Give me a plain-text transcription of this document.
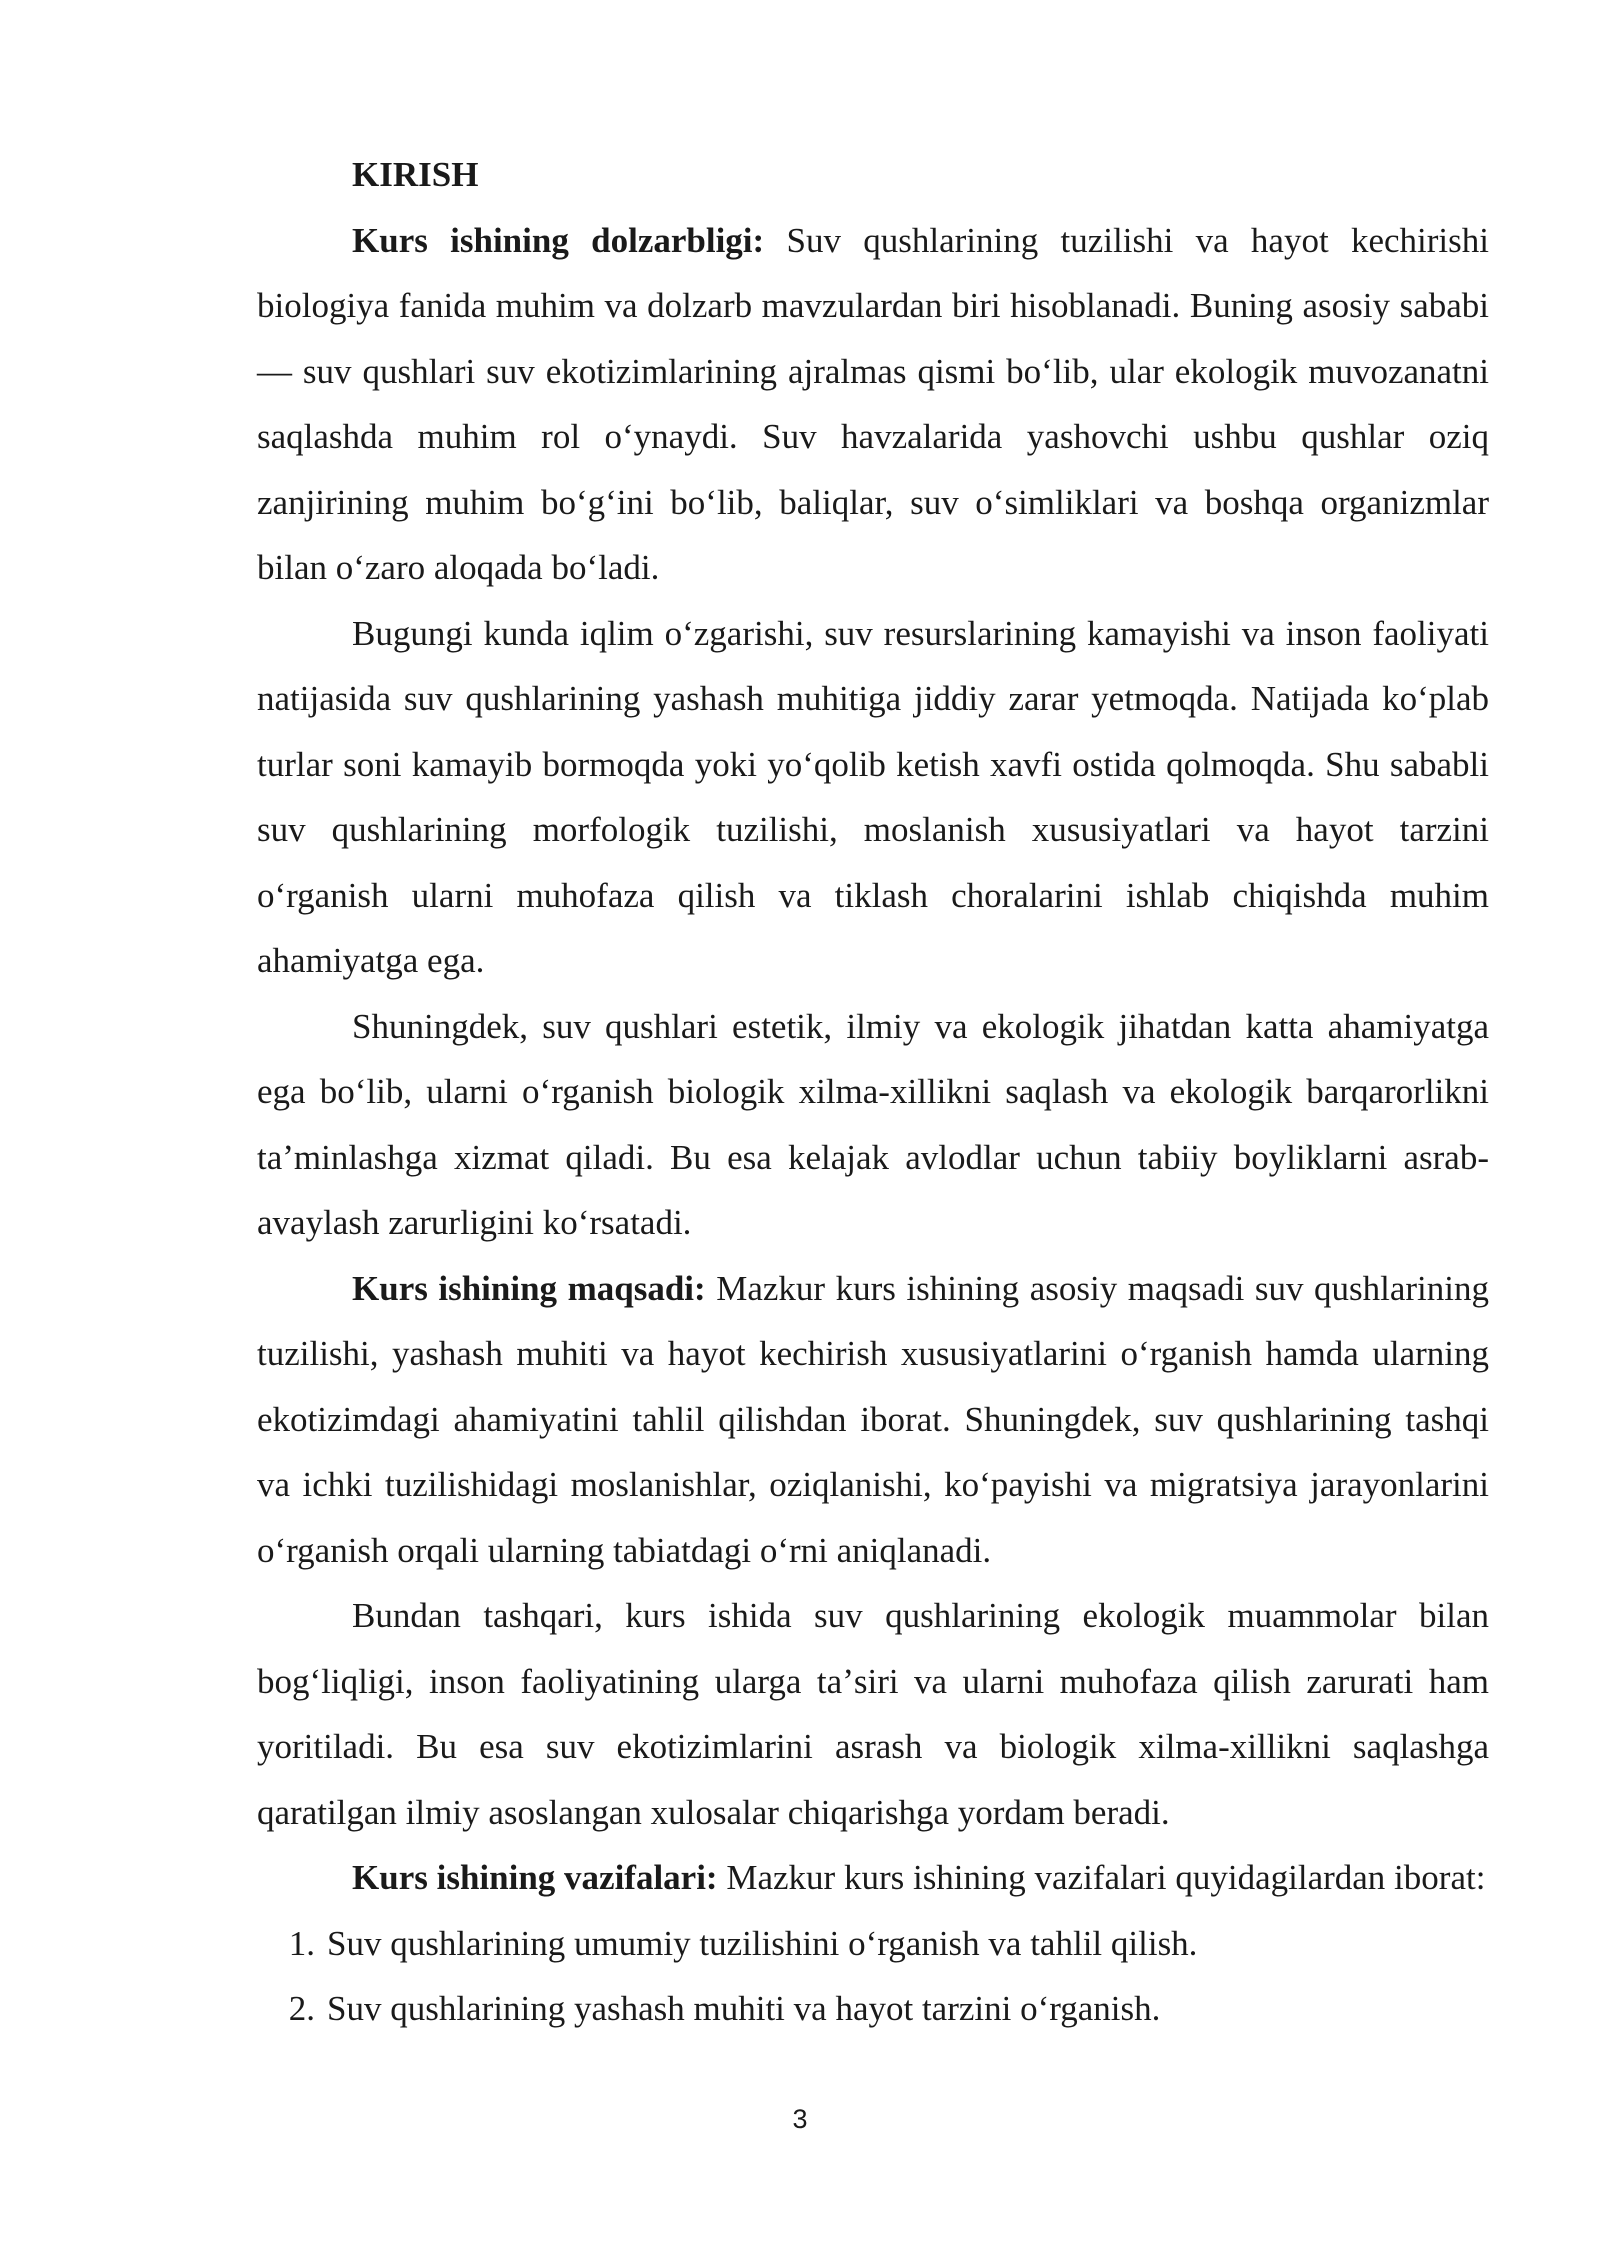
KIRISH

Kurs ishining dolzarbligi: Suv qushlarining tuzilishi va hayot kechirishi biologiya fanida muhim va dolzarb mavzulardan biri hisoblanadi. Buning asosiy sababi — suv qushlari suv ekotizimlarining ajralmas qismi boʻlib, ular ekologik muvozanatni saqlashda muhim rol oʻynaydi. Suv havzalarida yashovchi ushbu qushlar oziq zanjirining muhim boʻgʻini boʻlib, baliqlar, suv oʻsimliklari va boshqa organizmlar bilan oʻzaro aloqada boʻladi.

Bugungi kunda iqlim oʻzgarishi, suv resurslarining kamayishi va inson faoliyati natijasida suv qushlarining yashash muhitiga jiddiy zarar yetmoqda. Natijada koʻplab turlar soni kamayib bormoqda yoki yoʻqolib ketish xavfi ostida qolmoqda. Shu sababli suv qushlarining morfologik tuzilishi, moslanish xususiyatlari va hayot tarzini oʻrganish ularni muhofaza qilish va tiklash choralarini ishlab chiqishda muhim ahamiyatga ega.

Shuningdek, suv qushlari estetik, ilmiy va ekologik jihatdan katta ahamiyatga ega boʻlib, ularni oʻrganish biologik xilma-xillikni saqlash va ekologik barqarorlikni taʼminlashga xizmat qiladi. Bu esa kelajak avlodlar uchun tabiiy boyliklarni asrab-avaylash zarurligini koʻrsatadi.

Kurs ishining maqsadi: Mazkur kurs ishining asosiy maqsadi suv qushlarining tuzilishi, yashash muhiti va hayot kechirish xususiyatlarini oʻrganish hamda ularning ekotizimdagi ahamiyatini tahlil qilishdan iborat. Shuningdek, suv qushlarining tashqi va ichki tuzilishidagi moslanishlar, oziqlanishi, koʻpayishi va migratsiya jarayonlarini oʻrganish orqali ularning tabiatdagi oʻrni aniqlanadi.

Bundan tashqari, kurs ishida suv qushlarining ekologik muammolar bilan bogʻliqligi, inson faoliyatining ularga taʼsiri va ularni muhofaza qilish zarurati ham yoritiladi. Bu esa suv ekotizimlarini asrash va biologik xilma-xillikni saqlashga qaratilgan ilmiy asoslangan xulosalar chiqarishga yordam beradi.

Kurs ishining vazifalari: Mazkur kurs ishining vazifalari quyidagilardan iborat:

1. Suv qushlarining umumiy tuzilishini oʻrganish va tahlil qilish.
2. Suv qushlarining yashash muhiti va hayot tarzini oʻrganish.
3
